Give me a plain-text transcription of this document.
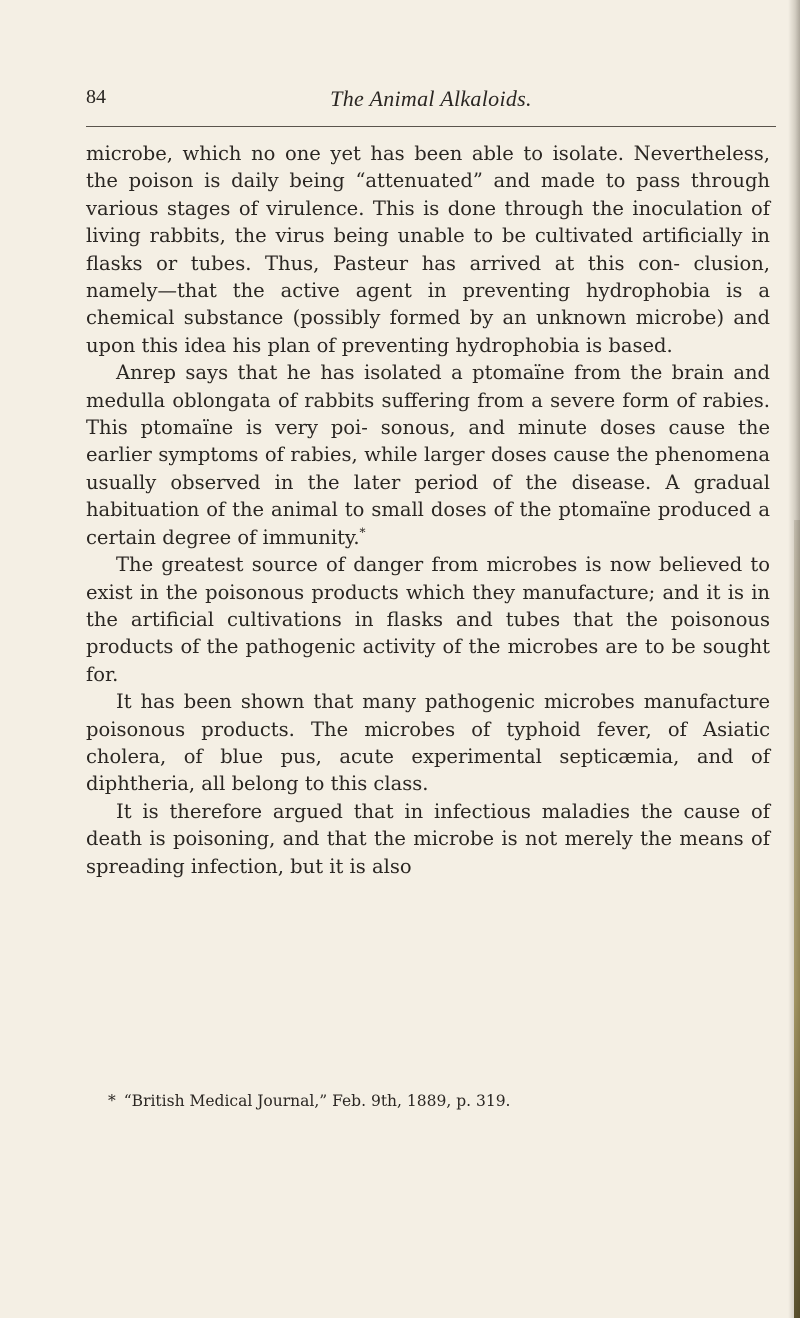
84	The Animal Alkaloids.

microbe, which no one yet has been able to isolate. Nevertheless, the poison is daily being “attenuated” and made to pass through various stages of virulence. This is done through the inoculation of living rabbits, the virus being unable to be cultivated artificially in flasks or tubes. Thus, Pasteur has arrived at this con- clusion, namely—that the active agent in preventing hydrophobia is a chemical substance (possibly formed by an unknown microbe) and upon this idea his plan of preventing hydrophobia is based.

Anrep says that he has isolated a ptomaïne from the brain and medulla oblongata of rabbits suffering from a severe form of rabies. This ptomaïne is very poi- sonous, and minute doses cause the earlier symptoms of rabies, while larger doses cause the phenomena usually observed in the later period of the disease. A gradual habituation of the animal to small doses of the ptomaïne produced a certain degree of immunity.*

The greatest source of danger from microbes is now believed to exist in the poisonous products which they manufacture; and it is in the artificial cultivations in flasks and tubes that the poisonous products of the pathogenic activity of the microbes are to be sought for.

It has been shown that many pathogenic microbes manufacture poisonous products. The microbes of typhoid fever, of Asiatic cholera, of blue pus, acute experimental septicæmia, and of diphtheria, all belong to this class.

It is therefore argued that in infectious maladies the cause of death is poisoning, and that the microbe is not merely the means of spreading infection, but it is also

* “British Medical Journal,” Feb. 9th, 1889, p. 319.
